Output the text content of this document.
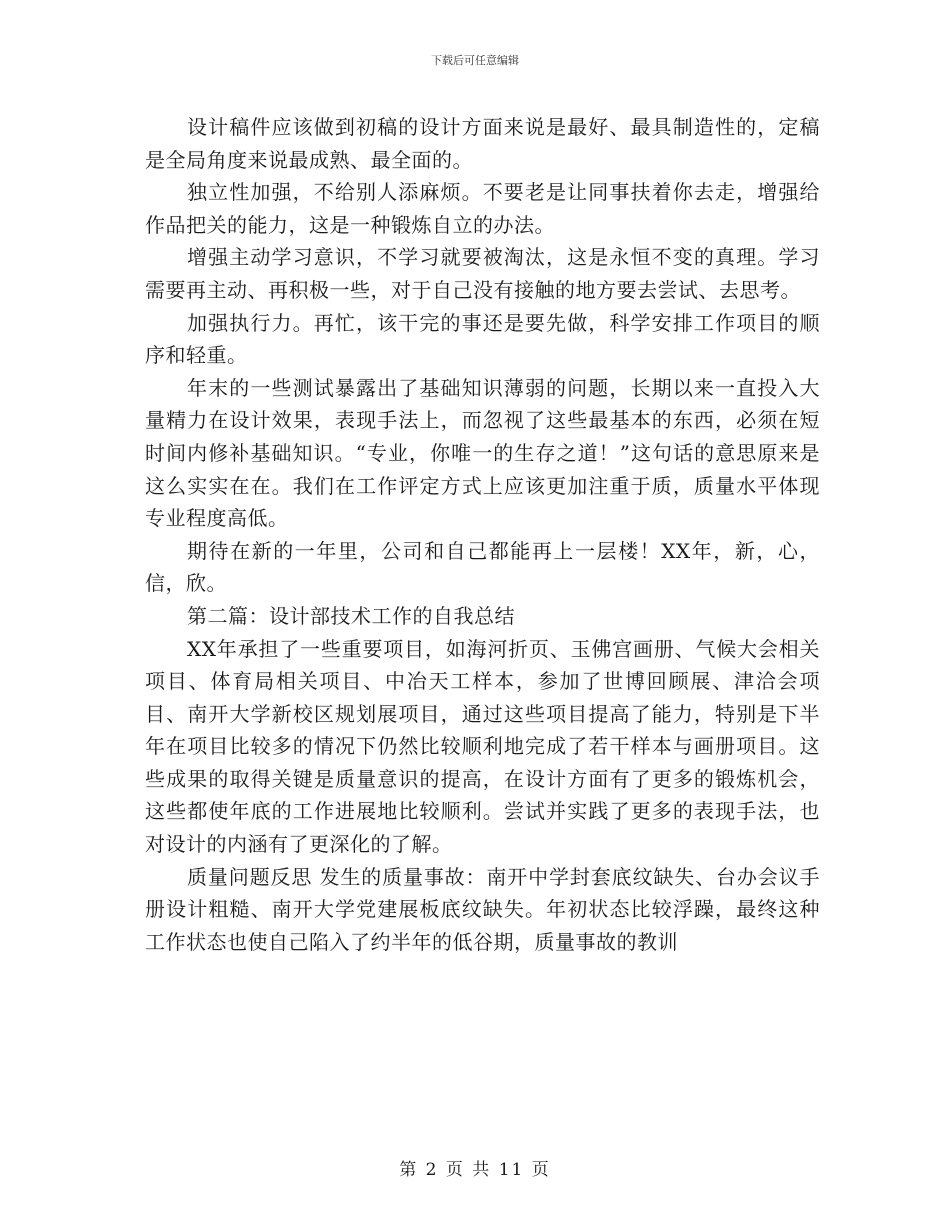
下载后可任意编辑

设计稿件应该做到初稿的设计方面来说是最好、最具制造性的，定稿是全局角度来说最成熟、最全面的。

独立性加强，不给别人添麻烦。不要老是让同事扶着你去走，增强给作品把关的能力，这是一种锻炼自立的办法。

增强主动学习意识，不学习就要被淘汰，这是永恒不变的真理。学习需要再主动、再积极一些，对于自己没有接触的地方要去尝试、去思考。

加强执行力。再忙，该干完的事还是要先做，科学安排工作项目的顺序和轻重。

年末的一些测试暴露出了基础知识薄弱的问题，长期以来一直投入大量精力在设计效果，表现手法上，而忽视了这些最基本的东西，必须在短时间内修补基础知识。“专业，你唯一的生存之道！”这句话的意思原来是这么实实在在。我们在工作评定方式上应该更加注重于质，质量水平体现专业程度高低。

期待在新的一年里，公司和自己都能再上一层楼！XX年，新，心，信，欣。

第二篇：设计部技术工作的自我总结

XX年承担了一些重要项目，如海河折页、玉佛宫画册、气候大会相关项目、体育局相关项目、中冶天工样本，参加了世博回顾展、津洽会项目、南开大学新校区规划展项目，通过这些项目提高了能力，特别是下半年在项目比较多的情况下仍然比较顺利地完成了若干样本与画册项目。这些成果的取得关键是质量意识的提高，在设计方面有了更多的锻炼机会，这些都使年底的工作进展地比较顺利。尝试并实践了更多的表现手法，也对设计的内涵有了更深化的了解。

质量问题反思 发生的质量事故：南开中学封套底纹缺失、台办会议手册设计粗糙、南开大学党建展板底纹缺失。年初状态比较浮躁，最终这种工作状态也使自己陷入了约半年的低谷期，质量事故的教训

第 2 页 共 11 页
